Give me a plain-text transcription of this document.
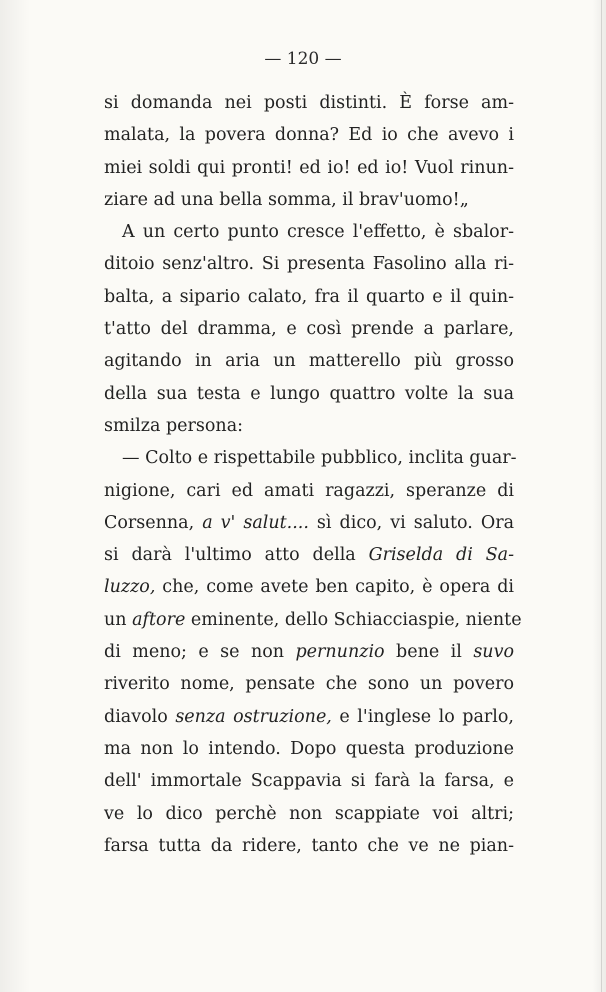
— 120 —

si domanda nei posti distinti. È forse am-
malata, la povera donna? Ed io che avevo i
miei soldi qui pronti! ed io! ed io! Vuol rinun-
ziare ad una bella somma, il brav'uomo!„
A un certo punto cresce l'effetto, è sbalor-
ditoio senz'altro. Si presenta Fasolino alla ri-
balta, a sipario calato, fra il quarto e il quin-
t'atto del dramma, e così prende a parlare,
agitando in aria un matterello più grosso
della sua testa e lungo quattro volte la sua
smilza persona:
— Colto e rispettabile pubblico, inclita guar-
nigione, cari ed amati ragazzi, speranze di
Corsenna, a v' salut.... sì dico, vi saluto. Ora
si darà l'ultimo atto della Griselda di Sa-
luzzo, che, come avete ben capito, è opera di
un aftore eminente, dello Schiacciaspie, niente
di meno; e se non pernunzio bene il suvo
riverito nome, pensate che sono un povero
diavolo senza ostruzione, e l'inglese lo parlo,
ma non lo intendo. Dopo questa produzione
dell' immortale Scappavia si farà la farsa, e
ve lo dico perchè non scappiate voi altri;
farsa tutta da ridere, tanto che ve ne pian-
